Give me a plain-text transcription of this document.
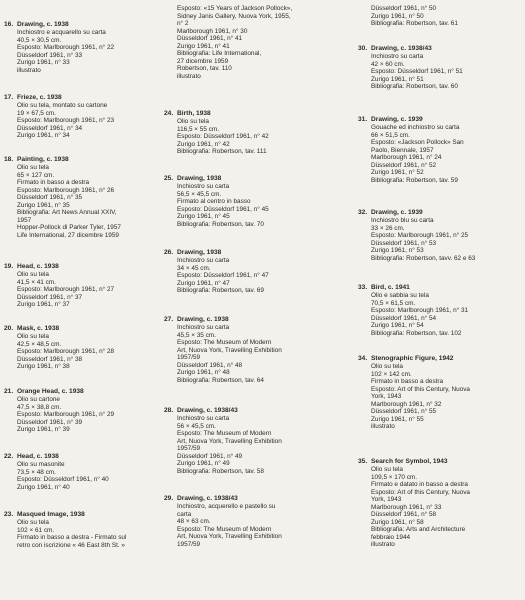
16. Drawing, c. 1938
Inchiostro e acquarello su carta
40,5 × 30,5 cm.
Esposto: Marlborough 1961, n° 22
Düsseldorf 1961, n° 33
Zurigo 1961, n° 33
illustrato
17. Frieze, c. 1938
Olio su tela, montato su cartone
19 × 67,5 cm.
Esposto: Marlborough 1961, n° 23
Düsseldorf 1961, n° 34
Zurigo 1961, n° 34
18. Painting, c. 1938
Olio su tela
65 × 127 cm.
Firmato in basso a destra
Esposto: Marlborough 1961, n° 26
Düsseldorf 1961, n° 35
Zurigo 1961, n° 35
Bibliografia: Art News Annual XXIV,
1957
Hopper-Pollock di Parker Tyler, 1957
Life International, 27 dicembre 1959
19. Head, c. 1938
Olio su tela
41,5 × 41 cm.
Esposto: Marlborough 1961, n° 27
Düsseldorf 1961, n° 37
Zurigo 1961, n° 37
20. Mask, c. 1938
Olio su tela
42,5 × 48,5 cm.
Esposto: Marlborough 1961, n° 28
Düsseldorf 1961, n° 38
Zurigo 1961, n° 38
21. Orange Head, c. 1938
Olio su cartone
47,5 × 38,8 cm.
Esposto: Marlborough 1961, n° 29
Düsseldorf 1961, n° 39
Zurigo 1961, n° 39
22. Head, c. 1938
Olio su masonite
73,5 × 48 cm.
Esposto: Düsseldorf 1961, n° 40
Zurigo 1961, n° 40
23. Masqued Image, 1938
Olio su tela
102 × 61 cm.
Firmato in basso a destra - Firmato sul
retro con iscrizione « 46 East 8th St. »
Esposto: «15 Years of Jackson Pollock»,
Sidney Janis Gallery, Nuova York, 1955,
n° 2
Marlborough 1961, n° 30
Düsseldorf 1961, n° 41
Zurigo 1961, n° 41
Bibliografia: Life International,
27 dicembre 1959
Robertson, tav. 110
illustrato
24. Birth, 1938
Olio su tela
116,5 × 55 cm.
Esposto: Düsseldorf 1961, n° 42
Zurigo 1961, n° 42
Bibliografia: Robertson, tav. 111
25. Drawing, 1938
Inchiostro su carta
56,5 × 45,5 cm.
Firmato al centro in basso
Esposto: Düsseldorf 1961, n° 45
Zurigo 1961, n° 45
Bibliografia: Robertson, tav. 70
26. Drawing, 1938
Inchiostro su carta
34 × 45 cm.
Esposto: Düsseldorf 1961, n° 47
Zurigo 1961, n° 47
Bibliografia: Robertson, tav. 69
27. Drawing, c. 1938
Inchiostro su carta
45,5 × 35 cm.
Esposto: The Museum of Modern
Art, Nuova York, Travelling Exhibition
1957/59
Düsseldorf 1961, n° 48
Zurigo 1961, n° 48
Bibliografia: Robertson, tav. 64
28. Drawing, c. 1938/43
Inchiostro su carta
56 × 45,5 cm.
Esposto: The Museum of Modern
Art, Nuova York, Travelling Exhibition
1957/59
Düsseldorf 1961, n° 49
Zurigo 1961, n° 49
Bibliografia: Robertson, tav. 58
29. Drawing, c. 1938/43
Inchiostro, acquerello e pastello su
carta
48 × 63 cm.
Esposto: The Museum of Modern
Art, Nuova York, Travelling Exhibition
1957/59
Düsseldorf 1961, n° 50
Zurigo 1961, n° 50
Bibliografia: Robertson, tav. 61
30. Drawing, c. 1938/43
Inchiostro su carta
42 × 60 cm.
Esposto: Düsseldorf 1961, n° 51
Zurigo 1961, n° 51
Bibliografia: Robertson, tav. 60
31. Drawing, c. 1939
Gouache ed inchiostro su carta
66 × 51,5 cm.
Esposto: «Jackson Pollock» San
Paolo, Biennale, 1957
Marlborough 1961, n° 24
Düsseldorf 1961, n° 52
Zurigo 1961, n° 52
Bibliografia: Robertson, tav. 59
32. Drawing, c. 1939
Inchiostro blu su carta
33 × 26 cm.
Esposto: Marlborough 1961, n° 25
Düsseldorf 1961, n° 53
Zurigo 1961, n° 53
Bibliografia: Robertson, tavv. 62 e 63
33. Bird, c. 1941
Olio e sabbia su tela
70,5 × 61,5 cm.
Esposto: Marlborough 1961, n° 31
Düsseldorf 1961, n° 54
Zurigo 1961, n° 54
Bibliografia: Robertson, tav. 102
34. Stenographic Figure, 1942
Olio su tela
102 × 142 cm.
Firmato in basso a destra
Esposto: Art of this Century, Nuova
York, 1943
Marlborough 1961, n° 32
Düsseldorf 1961, n° 55
Zurigo 1961, n° 55
illustrato
35. Search for Symbol, 1943
Olio su tela
109,5 × 170 cm.
Firmato e datato in basso a destra
Esposto: Art of this Century, Nuova
York, 1943
Marlborough 1961, n° 33
Düsseldorf 1961, n° 58
Zurigo 1961, n° 58
Bibliografia: Arts and Architecture
febbraio 1944
illustrato
